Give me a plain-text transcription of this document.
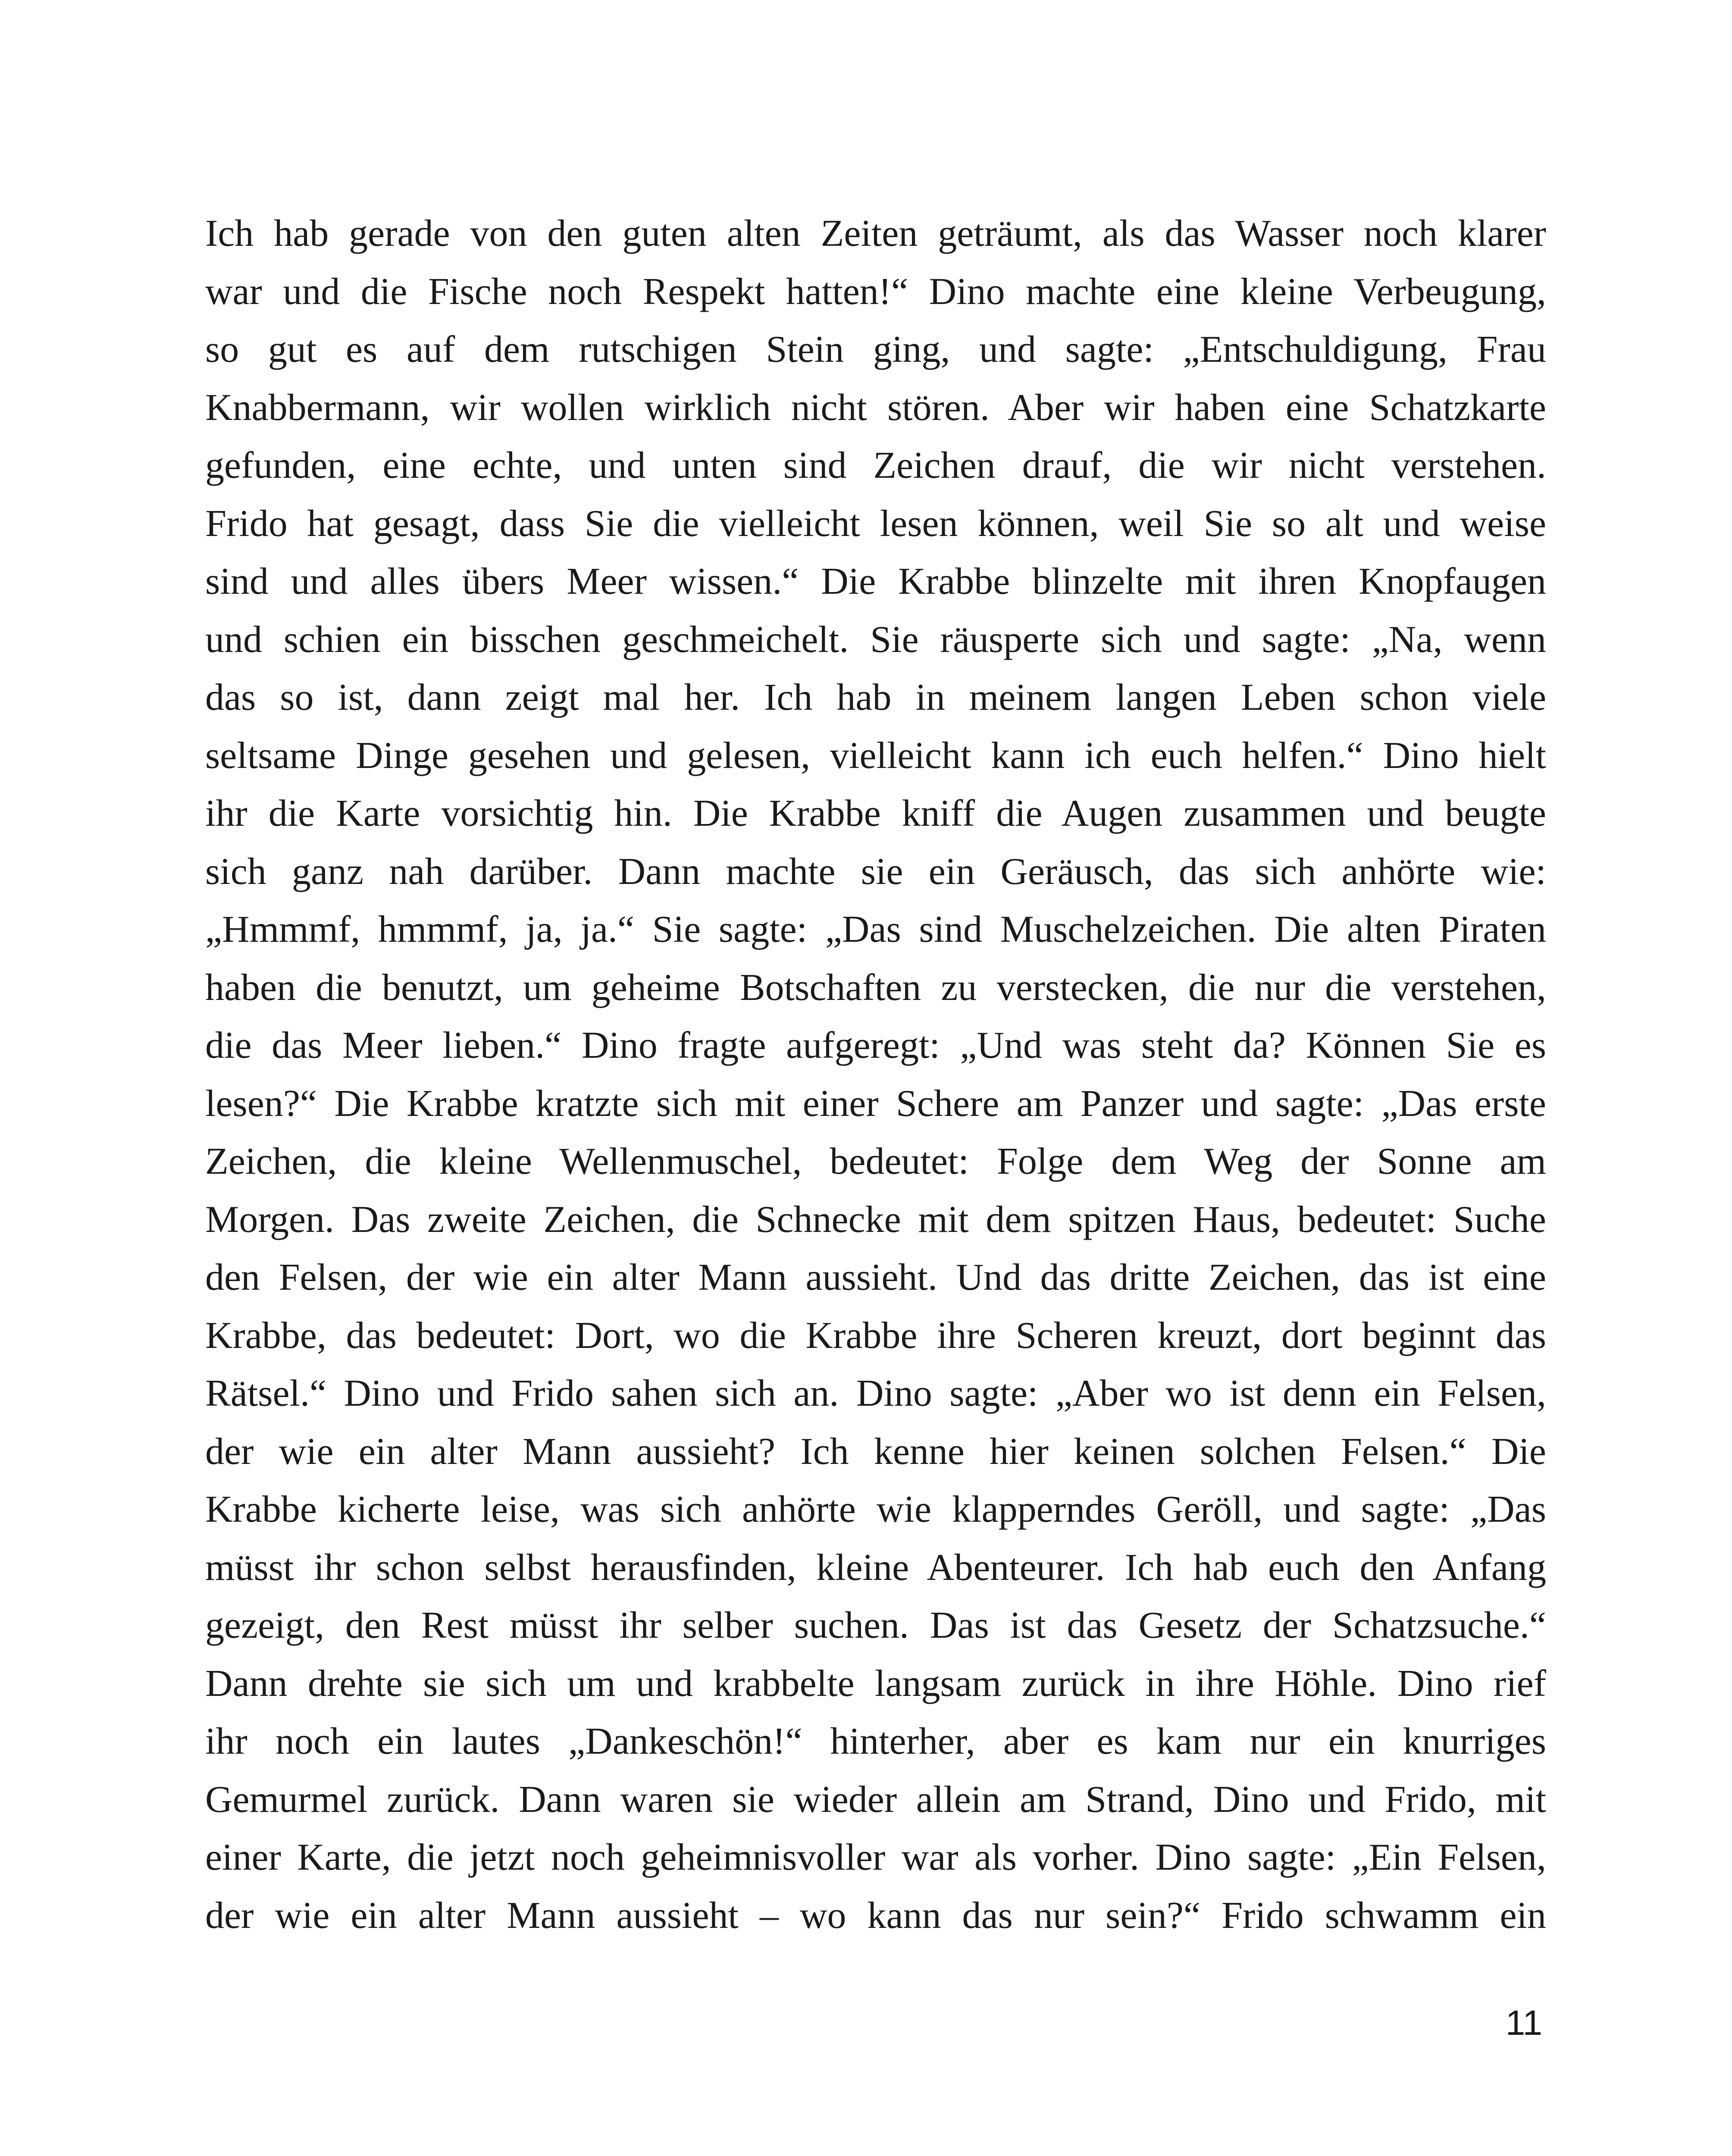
Ich hab gerade von den guten alten Zeiten geträumt, als das Wasser noch klarer
war und die Fische noch Respekt hatten!“ Dino machte eine kleine Verbeugung,
so gut es auf dem rutschigen Stein ging, und sagte: „Entschuldigung, Frau
Knabbermann, wir wollen wirklich nicht stören. Aber wir haben eine Schatzkarte
gefunden, eine echte, und unten sind Zeichen drauf, die wir nicht verstehen.
Frido hat gesagt, dass Sie die vielleicht lesen können, weil Sie so alt und weise
sind und alles übers Meer wissen.“ Die Krabbe blinzelte mit ihren Knopfaugen
und schien ein bisschen geschmeichelt. Sie räusperte sich und sagte: „Na, wenn
das so ist, dann zeigt mal her. Ich hab in meinem langen Leben schon viele
seltsame Dinge gesehen und gelesen, vielleicht kann ich euch helfen.“ Dino hielt
ihr die Karte vorsichtig hin. Die Krabbe kniff die Augen zusammen und beugte
sich ganz nah darüber. Dann machte sie ein Geräusch, das sich anhörte wie:
„Hmmmf, hmmmf, ja, ja.“ Sie sagte: „Das sind Muschelzeichen. Die alten Piraten
haben die benutzt, um geheime Botschaften zu verstecken, die nur die verstehen,
die das Meer lieben.“ Dino fragte aufgeregt: „Und was steht da? Können Sie es
lesen?“ Die Krabbe kratzte sich mit einer Schere am Panzer und sagte: „Das erste
Zeichen, die kleine Wellenmuschel, bedeutet: Folge dem Weg der Sonne am
Morgen. Das zweite Zeichen, die Schnecke mit dem spitzen Haus, bedeutet: Suche
den Felsen, der wie ein alter Mann aussieht. Und das dritte Zeichen, das ist eine
Krabbe, das bedeutet: Dort, wo die Krabbe ihre Scheren kreuzt, dort beginnt das
Rätsel.“ Dino und Frido sahen sich an. Dino sagte: „Aber wo ist denn ein Felsen,
der wie ein alter Mann aussieht? Ich kenne hier keinen solchen Felsen.“ Die
Krabbe kicherte leise, was sich anhörte wie klapperndes Geröll, und sagte: „Das
müsst ihr schon selbst herausfinden, kleine Abenteurer. Ich hab euch den Anfang
gezeigt, den Rest müsst ihr selber suchen. Das ist das Gesetz der Schatzsuche.“
Dann drehte sie sich um und krabbelte langsam zurück in ihre Höhle. Dino rief
ihr noch ein lautes „Dankeschön!“ hinterher, aber es kam nur ein knurriges
Gemurmel zurück. Dann waren sie wieder allein am Strand, Dino und Frido, mit
einer Karte, die jetzt noch geheimnisvoller war als vorher. Dino sagte: „Ein Felsen,
der wie ein alter Mann aussieht – wo kann das nur sein?“ Frido schwamm ein
11
